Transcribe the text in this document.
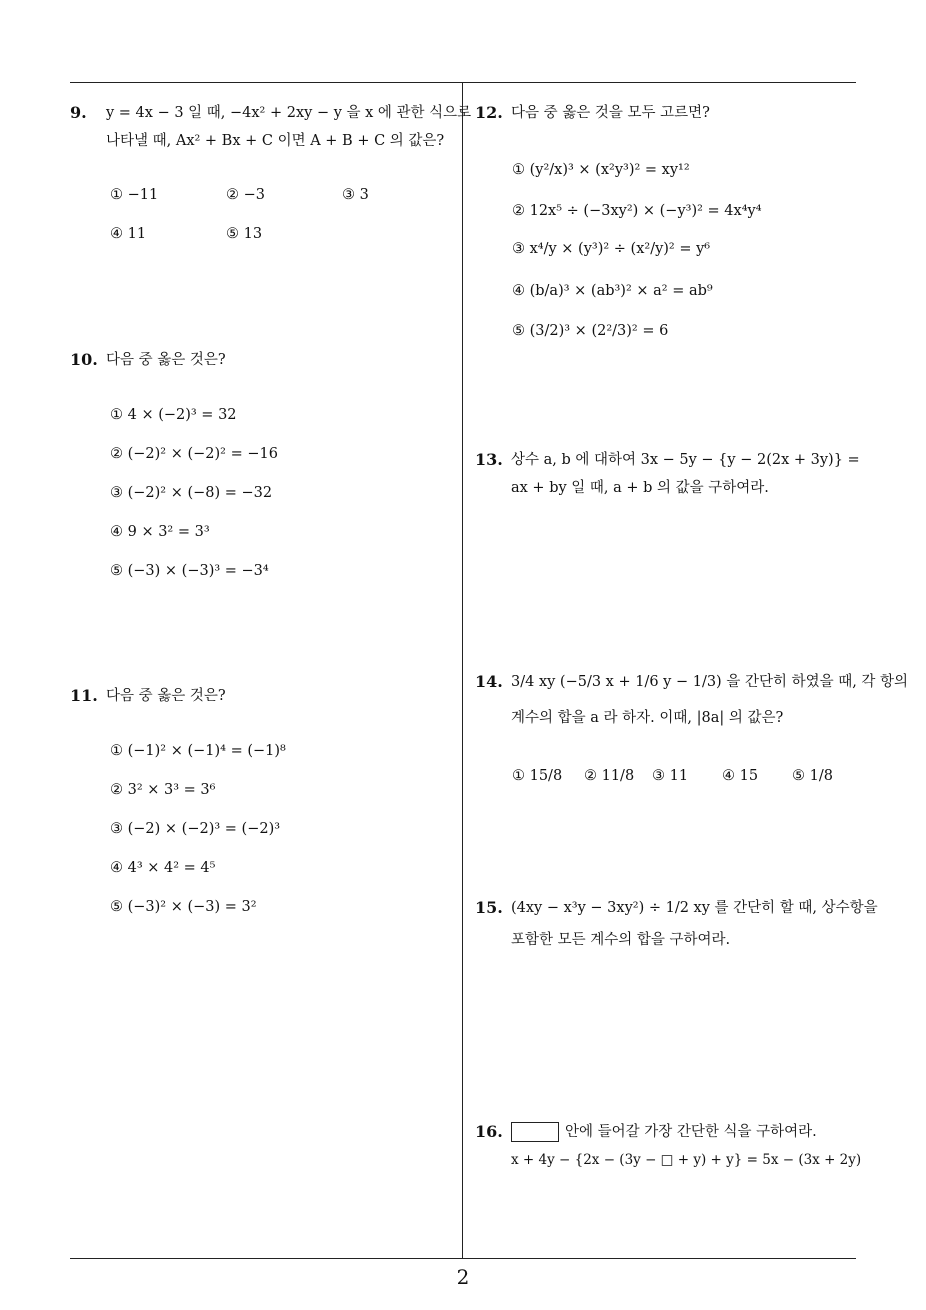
9. y = 4x − 3 일 때, −4x² + 2xy − y 을 x 에 관한 식으로
나타낼 때, Ax² + Bx + C 이면 A + B + C 의 값은?
① −11	② −3	③ 3
④ 11	⑤ 13
10. 다음 중 옳은 것은?
① 4 × (−2)³ = 32
② (−2)² × (−2)² = −16
③ (−2)² × (−8) = −32
④ 9 × 3² = 3³
⑤ (−3) × (−3)³ = −3⁴
11. 다음 중 옳은 것은?
① (−1)² × (−1)⁴ = (−1)⁸
② 3² × 3³ = 3⁶
③ (−2) × (−2)³ = (−2)³
④ 4³ × 4² = 4⁵
⑤ (−3)² × (−3) = 3²
12. 다음 중 옳은 것을 모두 고르면?
① (y²/x)³ × (x²y³)² = xy¹²
② 12x⁵ ÷ (−3xy²) × (−y³)² = 4x⁴y⁴
③ x⁴/y × (y³)² ÷ (x²/y)² = y⁶
④ (b/a)³ × (ab³)² × a² = ab⁹
⑤ (3/2)³ × (2²/3)² = 6
13. 상수 a, b 에 대하여 3x − 5y − {y − 2(2x + 3y)} =
ax + by 일 때, a + b 의 값을 구하여라.
14. 3/4 xy (−5/3 x + 1/6 y − 1/3) 을 간단히 하였을 때, 각 항의
계수의 합을 a 라 하자. 이때, |8a| 의 값은?
① 15/8 ② 11/8 ③ 11 ④ 15 ⑤ 1/8
15. (4xy − x³y − 3xy²) ÷ 1/2 xy 를 간단히 할 때, 상수항을
포함한 모든 계수의 합을 구하여라.
16.	안에 들어갈 가장 간단한 식을 구하여라.
x + 4y − {2x − (3y − □ + y) + y} = 5x − (3x + 2y)
2
